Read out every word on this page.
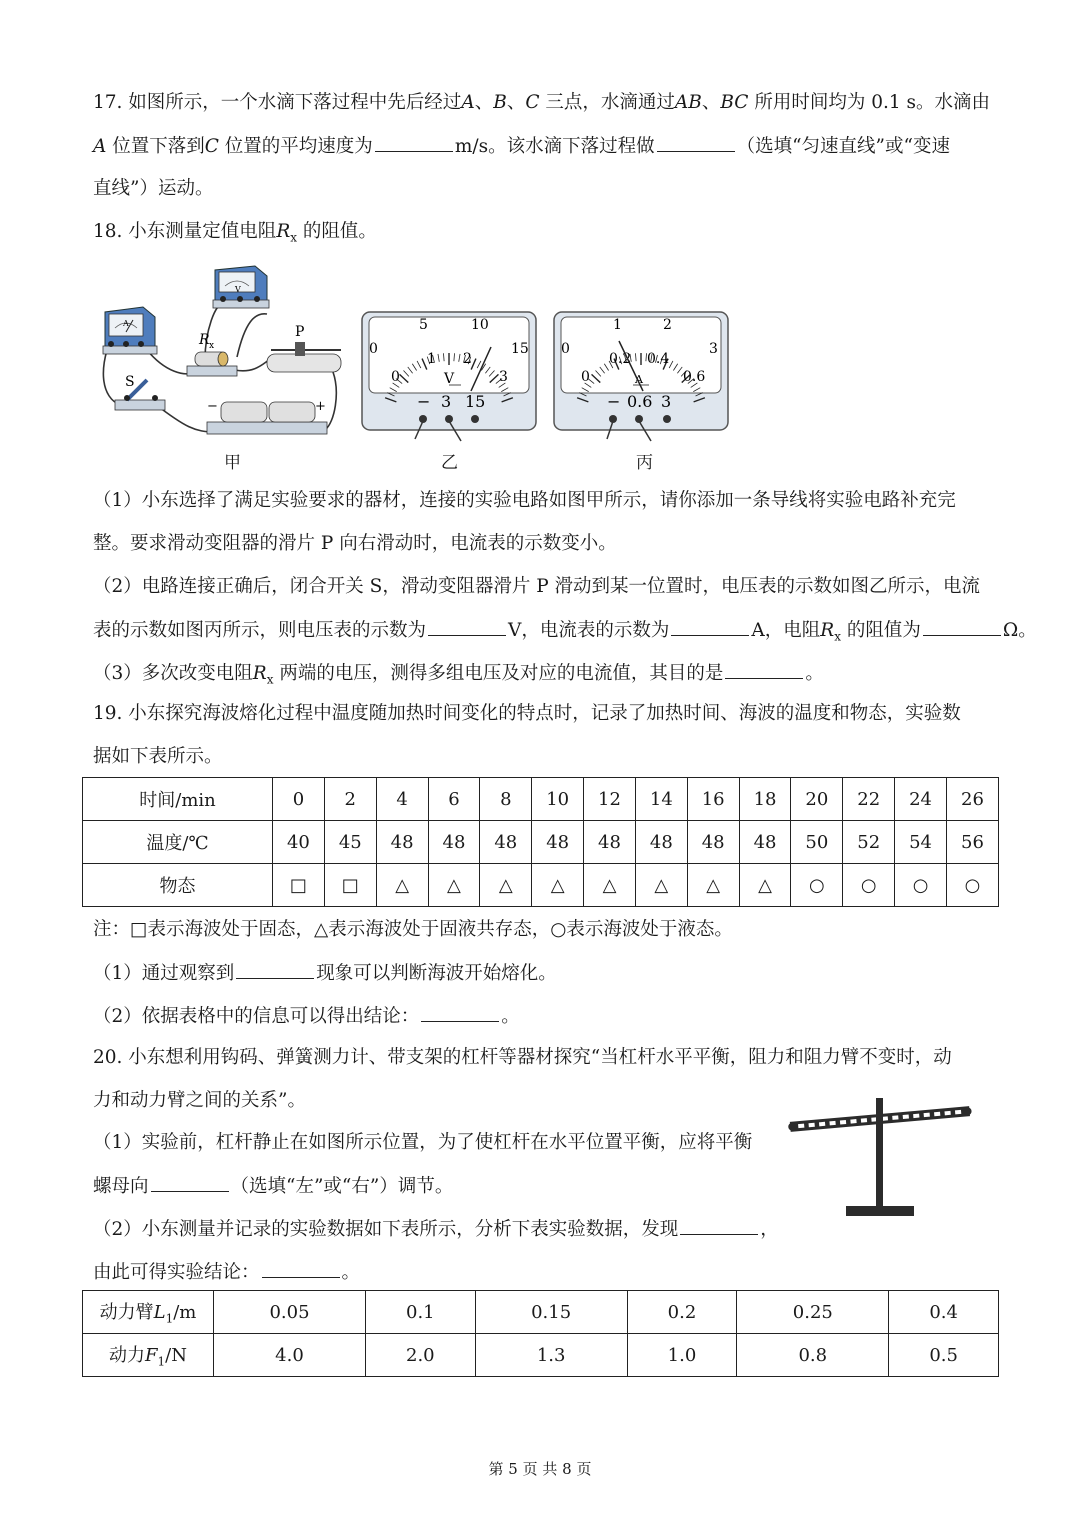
17. 如图所示，一个水滴下落过程中先后经过A、B、C 三点，水滴通过AB、BC 所用时间均为 0.1 s。水滴由
A 位置下落到C 位置的平均速度为	m/s。该水滴下落过程做	（选填“匀速直线”或“变速
直线”）运动。
18. 小东测量定值电阻$R_x$ 的阻值。
A
V
R x
P
S
−	+
甲
0
5	10
15
0
1 2
3
V
− 3 15
乙
0
1	2
3
0
0.2 0.4
0.6
A
− 0.6 3
丙
（1）小东选择了满足实验要求的器材，连接的实验电路如图甲所示，请你添加一条导线将实验电路补充完
整。要求滑动变阻器的滑片 P 向右滑动时，电流表的示数变小。
（2）电路连接正确后，闭合开关 S，滑动变阻器滑片 P 滑动到某一位置时，电压表的示数如图乙所示，电流
表的示数如图丙所示，则电压表的示数为	V，电流表的示数为	A，电阻$R_x$ 的阻值为	Ω。
（3）多次改变电阻$R_x$ 两端的电压，测得多组电压及对应的电流值，其目的是	。
19. 小东探究海波熔化过程中温度随加热时间变化的特点时，记录了加热时间、海波的温度和物态，实验数
据如下表所示。
时间/min	0	2	4	6	8	10	12	14	16	18	20	22	24	26
温度/℃	40	45	48	48	48	48	48	48	48	48	50	52	54	56
物态	□	□	△	△	△	△	△	△	△	△	○	○	○	○
注：□表示海波处于固态，△表示海波处于固液共存态，○表示海波处于液态。
（1）通过观察到	现象可以判断海波开始熔化。
（2）依据表格中的信息可以得出结论：	。
20. 小东想利用钩码、弹簧测力计、带支架的杠杆等器材探究“当杠杆水平平衡，阻力和阻力臂不变时，动
力和动力臂之间的关系”。
（1）实验前，杠杆静止在如图所示位置，为了使杠杆在水平位置平衡，应将平衡
螺母向	（选填“左”或“右”）调节。
（2）小东测量并记录的实验数据如下表所示，分析下表实验数据，发现	，
由此可得实验结论：	。
动力臂$L_1/m$	0.05	0.1	0.15	0.2	0.25	0.4
动力$F_1/N$	4.0	2.0	1.3	1.0	0.8	0.5
第 5 页 共 8 页
